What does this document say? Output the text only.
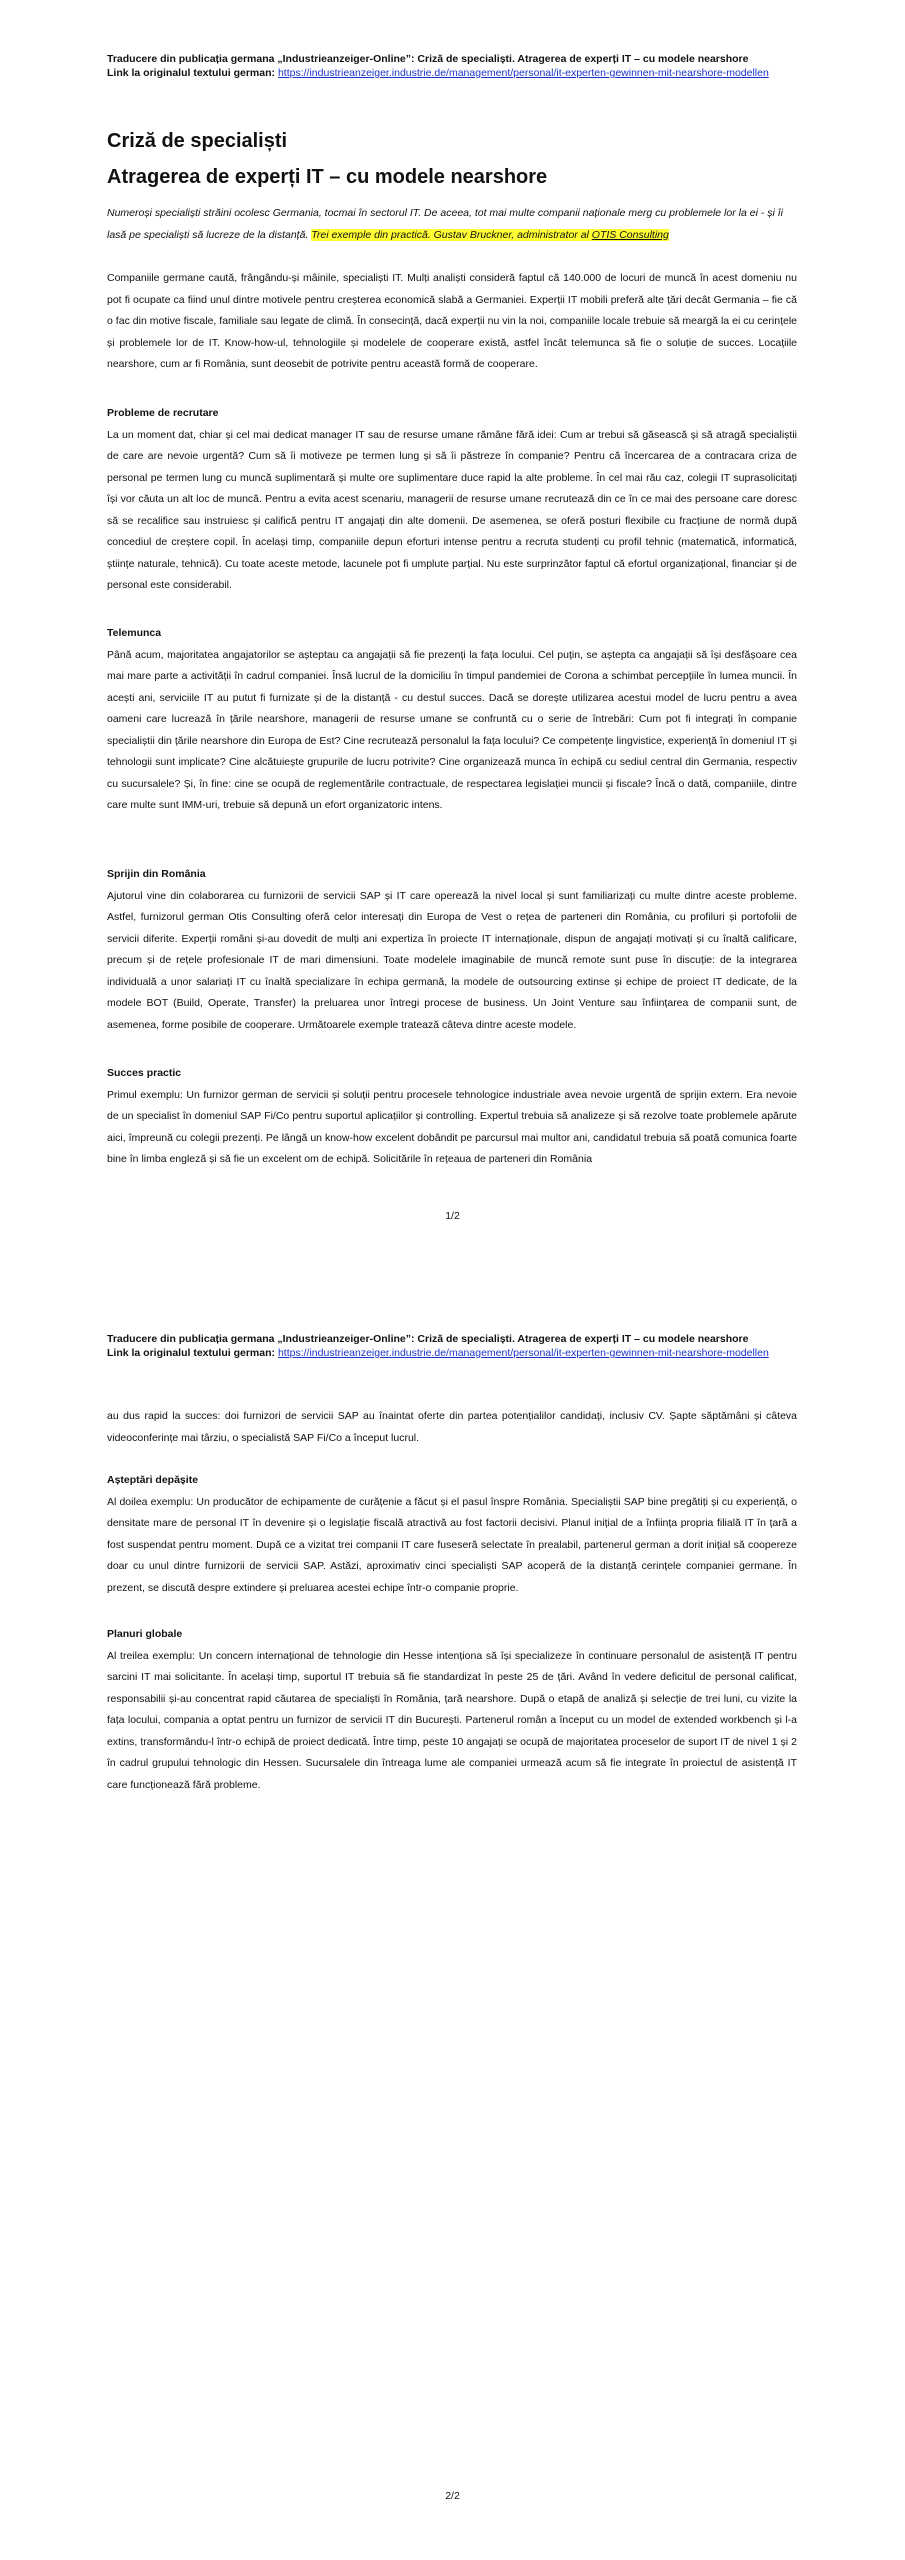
Traducere din publicația germana „Industrieanzeiger-Online”: Criză de specialiști. Atragerea de experți IT – cu modele nearshore
Link la originalul textului german: https://industrieanzeiger.industrie.de/management/personal/it-experten-gewinnen-mit-nearshore-modellen
Criză de specialiști
Atragerea de experți IT – cu modele nearshore
Numeroși specialiști străini ocolesc Germania, tocmai în sectorul IT. De aceea, tot mai multe companii naționale merg cu problemele lor la ei - și îi lasă pe specialiști să lucreze de la distanță. Trei exemple din practică. Gustav Bruckner, administrator al OTIS Consulting

Companiile germane caută, frângându-și mâinile, specialiști IT. Mulți analiști consideră faptul că 140.000 de locuri de muncă în acest domeniu nu pot fi ocupate ca fiind unul dintre motivele pentru creșterea economică slabă a Germaniei. Experții IT mobili preferă alte țări decât Germania – fie că o fac din motive fiscale, familiale sau legate de climă. În consecință, dacă experții nu vin la noi, companiile locale trebuie să meargă la ei cu cerințele și problemele lor de IT. Know-how-ul, tehnologiile și modelele de cooperare există, astfel încât telemunca să fie o soluție de succes. Locațiile nearshore, cum ar fi România, sunt deosebit de potrivite pentru această formă de cooperare.

Probleme de recrutare

La un moment dat, chiar și cel mai dedicat manager IT sau de resurse umane rămâne fără idei: Cum ar trebui să găsească și să atragă specialiștii de care are nevoie urgentă? Cum să îi motiveze pe termen lung și să îi păstreze în companie? Pentru că încercarea de a contracara criza de personal pe termen lung cu muncă suplimentară și multe ore suplimentare duce rapid la alte probleme. În cel mai rău caz, colegii IT suprasolicitați își vor căuta un alt loc de muncă. Pentru a evita acest scenariu, managerii de resurse umane recrutează din ce în ce mai des persoane care doresc să se recalifice sau instruiesc și califică pentru IT angajați din alte domenii. De asemenea, se oferă posturi flexibile cu fracțiune de normă după concediul de creștere copil. În același timp, companiile depun eforturi intense pentru a recruta studenți cu profil tehnic (matematică, informatică, științe naturale, tehnică). Cu toate aceste metode, lacunele pot fi umplute parțial. Nu este surprinzător faptul că efortul organizațional, financiar și de personal este considerabil.

Telemunca

Până acum, majoritatea angajatorilor se așteptau ca angajații să fie prezenți la fața locului. Cel puțin, se aștepta ca angajații să își desfășoare cea mai mare parte a activității în cadrul companiei. Însă lucrul de la domiciliu în timpul pandemiei de Corona a schimbat percepțiile în lumea muncii. În acești ani, serviciile IT au putut fi furnizate și de la distanță - cu destul succes. Dacă se dorește utilizarea acestui model de lucru pentru a avea oameni care lucrează în țările nearshore, managerii de resurse umane se confruntă cu o serie de întrebări: Cum pot fi integrați în companie specialiștii din țările nearshore din Europa de Est? Cine recrutează personalul la fața locului? Ce competențe lingvistice, experiență în domeniul IT și tehnologii sunt implicate? Cine alcătuiește grupurile de lucru potrivite? Cine organizează munca în echipă cu sediul central din Germania, respectiv cu sucursalele? Și, în fine: cine se ocupă de reglementările contractuale, de respectarea legislației muncii și fiscale? Încă o dată, companiile, dintre care multe sunt IMM-uri, trebuie să depună un efort organizatoric intens.

Sprijin din România

Ajutorul vine din colaborarea cu furnizorii de servicii SAP și IT care operează la nivel local și sunt familiarizați cu multe dintre aceste probleme. Astfel, furnizorul german Otis Consulting oferă celor interesați din Europa de Vest o rețea de parteneri din România, cu profiluri și portofolii de servicii diferite. Experții români și-au dovedit de mulți ani expertiza în proiecte IT internaționale, dispun de angajați motivați și cu înaltă calificare, precum și de rețele profesionale IT de mari dimensiuni. Toate modelele imaginabile de muncă remote sunt puse în discuție: de la integrarea individuală a unor salariați IT cu înaltă specializare în echipa germană, la modele de outsourcing extinse și echipe de proiect IT dedicate, de la modele BOT (Build, Operate, Transfer) la preluarea unor întregi procese de business. Un Joint Venture sau înființarea de companii sunt, de asemenea, forme posibile de cooperare. Următoarele exemple tratează câteva dintre aceste modele.

Succes practic

Primul exemplu: Un furnizor german de servicii și soluții pentru procesele tehnologice industriale avea nevoie urgentă de sprijin extern. Era nevoie de un specialist în domeniul SAP Fi/Co pentru suportul aplicațiilor și controlling. Expertul trebuia să analizeze și să rezolve toate problemele apărute aici, împreună cu colegii prezenți. Pe lângă un know-how excelent dobândit pe parcursul mai multor ani, candidatul trebuia să poată comunica foarte bine în limba engleză și să fie un excelent om de echipă. Solicitările în rețeaua de parteneri din România

1/2
Traducere din publicația germana „Industrieanzeiger-Online”: Criză de specialiști. Atragerea de experți IT – cu modele nearshore
Link la originalul textului german: https://industrieanzeiger.industrie.de/management/personal/it-experten-gewinnen-mit-nearshore-modellen

au dus rapid la succes: doi furnizori de servicii SAP au înaintat oferte din partea potențialilor candidați, inclusiv CV. Șapte săptămâni și câteva videoconferințe mai târziu, o specialistă SAP Fi/Co a început lucrul.

Așteptări depășite

Al doilea exemplu: Un producător de echipamente de curățenie a făcut și el pasul înspre România. Specialiștii SAP bine pregătiți și cu experiență, o densitate mare de personal IT în devenire și o legislație fiscală atractivă au fost factorii decisivi. Planul inițial de a înființa propria filială IT în țară a fost suspendat pentru moment. După ce a vizitat trei companii IT care fuseseră selectate în prealabil, partenerul german a dorit inițial să coopereze doar cu unul dintre furnizorii de servicii SAP. Astăzi, aproximativ cinci specialiști SAP acoperă de la distanță cerințele companiei germane. În prezent, se discută despre extindere și preluarea acestei echipe într-o companie proprie.

Planuri globale

Al treilea exemplu: Un concern internațional de tehnologie din Hesse intenționa să își specializeze în continuare personalul de asistență IT pentru sarcini IT mai solicitante. În același timp, suportul IT trebuia să fie standardizat în peste 25 de țări. Având în vedere deficitul de personal calificat, responsabilii și-au concentrat rapid căutarea de specialiști în România, țară nearshore. După o etapă de analiză și selecție de trei luni, cu vizite la fața locului, compania a optat pentru un furnizor de servicii IT din București. Partenerul român a început cu un model de extended workbench și l-a extins, transformându-l într-o echipă de proiect dedicată. Între timp, peste 10 angajați se ocupă de majoritatea proceselor de suport IT de nivel 1 și 2 în cadrul grupului tehnologic din Hessen. Sucursalele din întreaga lume ale companiei urmează acum să fie integrate în proiectul de asistență IT care funcționează fără probleme.

2/2
